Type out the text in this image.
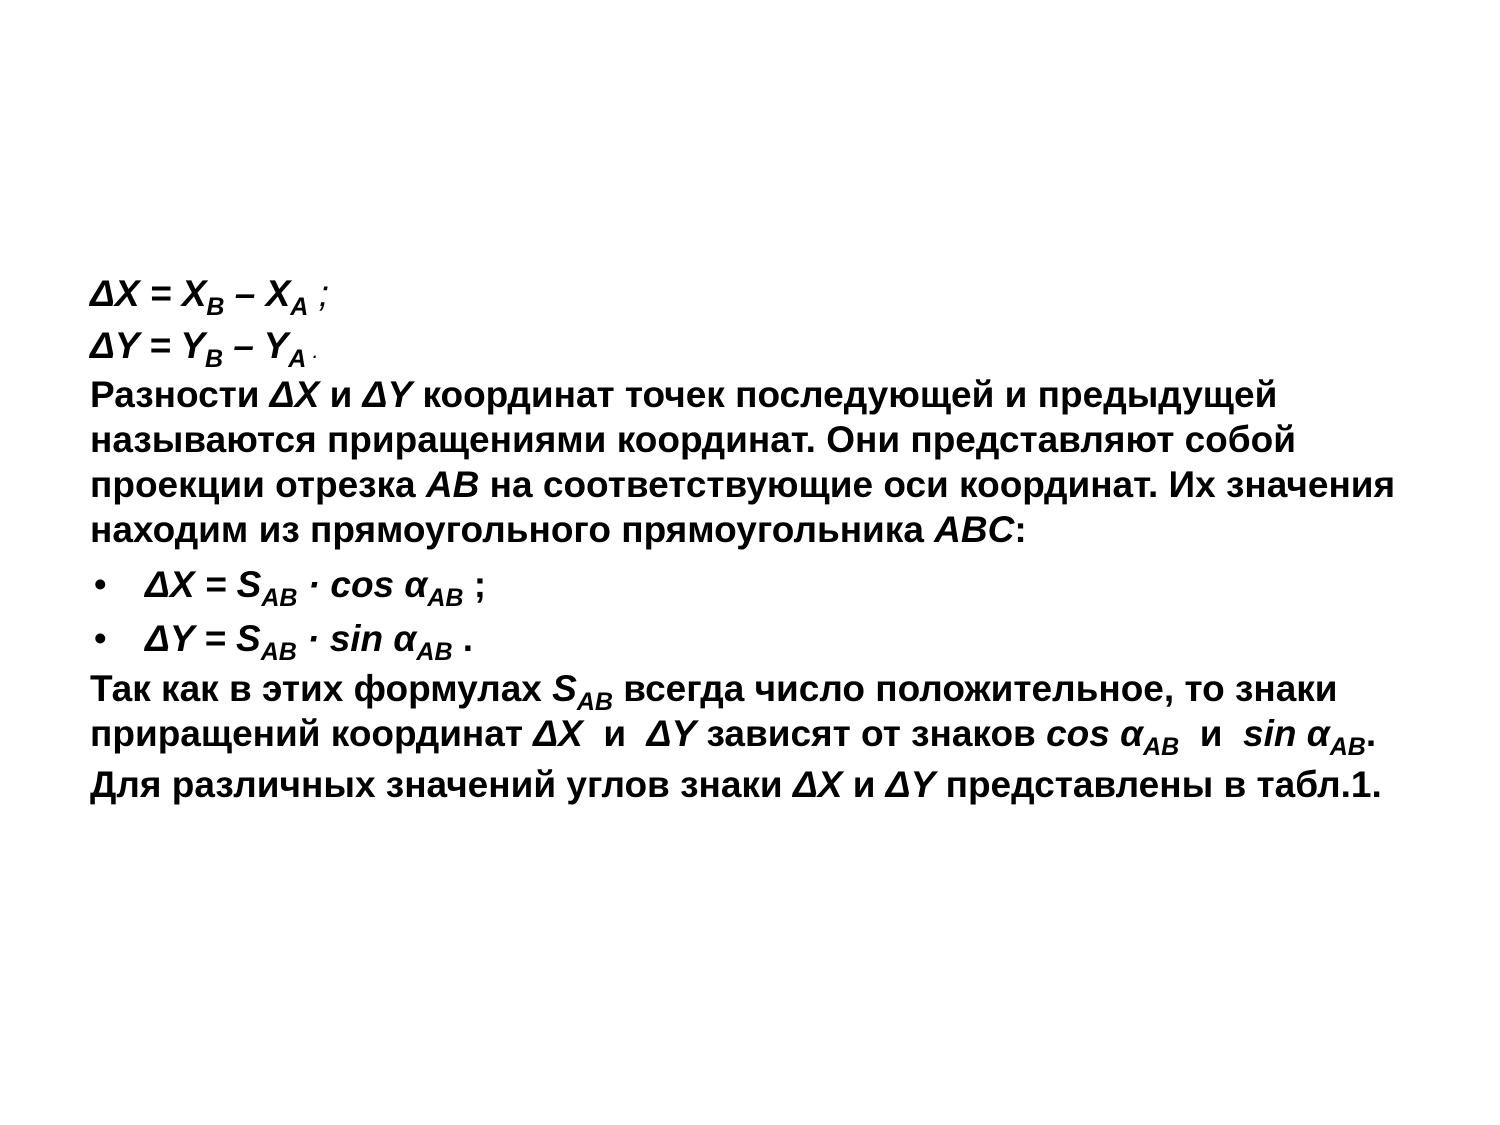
$\Delta X = X_B - X_A$ ;
$\Delta Y = Y_B - Y_A$ .

Разности ΔX и ΔY координат точек последующей и предыдущей называются приращениями координат. Они представляют собой проекции отрезка AB на соответствующие оси координат. Их значения находим из прямоугольного прямоугольника ABC:

• $\Delta X = S_{AB} \cdot \cos \alpha_{AB}$ ;
• $\Delta Y = S_{AB} \cdot \sin \alpha_{AB}$ .

Так как в этих формулах $S_{AB}$ всегда число положительное, то знаки приращений координат ΔX  и  ΔY зависят от знаков $\cos \alpha_{AB}$  и  $\sin \alpha_{AB}$.

Для различных значений углов знаки ΔX и ΔY представлены в табл.1.
